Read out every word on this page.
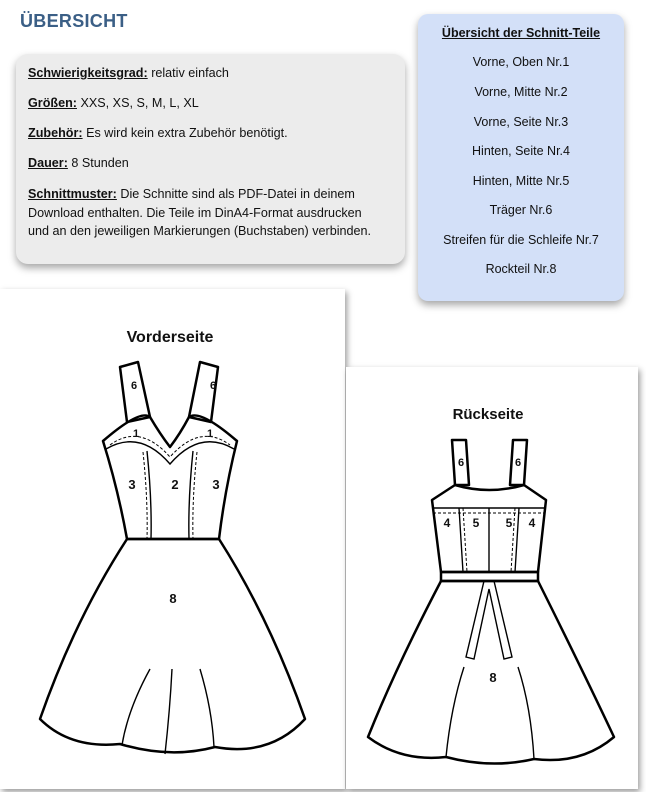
ÜBERSICHT
Schwierigkeitsgrad: relativ einfach
Größen: XXS, XS, S, M, L, XL
Zubehör: Es wird kein extra Zubehör benötigt.
Dauer: 8 Stunden
Schnittmuster: Die Schnitte sind als PDF-Datei in deinem
Download enthalten. Die Teile im DinA4-Format ausdrucken
und an den jeweiligen Markierungen (Buchstaben) verbinden.
Übersicht der Schnitt-Teile
Vorne, Oben Nr.1
Vorne, Mitte Nr.2
Vorne, Seite Nr.3
Hinten, Seite Nr.4
Hinten, Mitte Nr.5
Träger Nr.6
Streifen für die Schleife Nr.7
Rockteil Nr.8
Vorderseite
6	6
1	1
3	2	3
8
Rückseite
6	6
4 5 5 4
8
